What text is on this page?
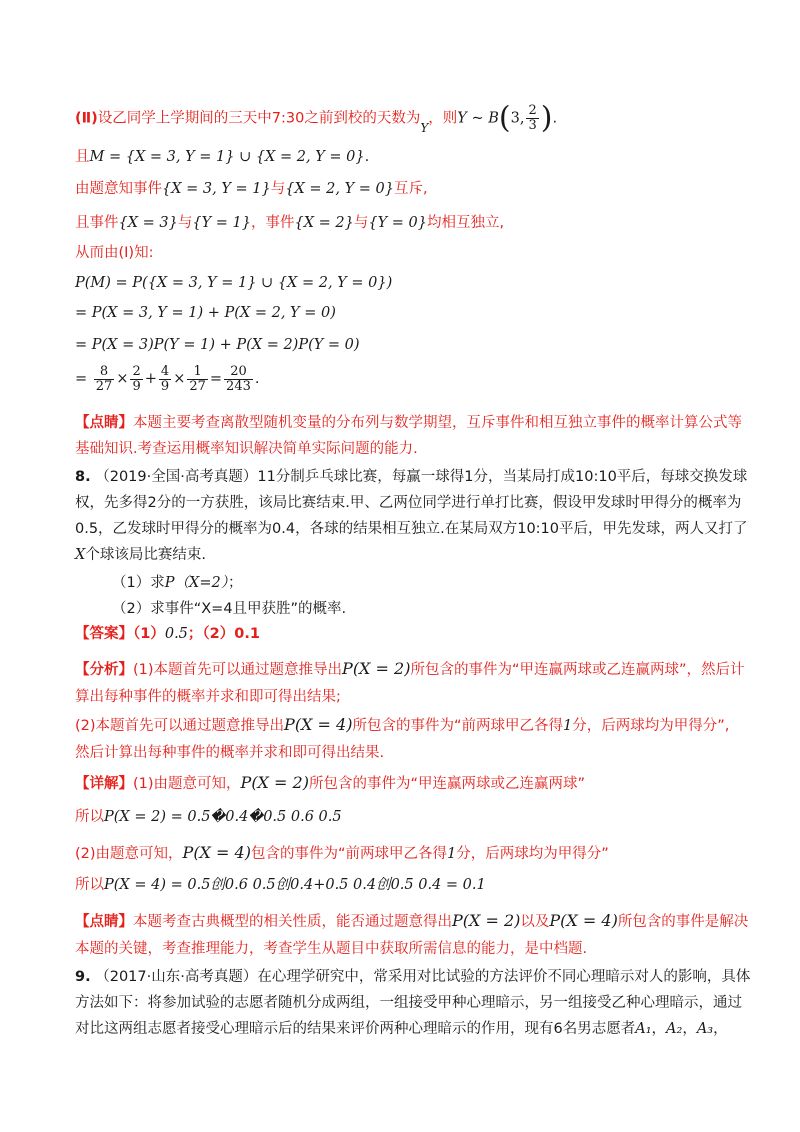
(Ⅱ)设乙同学上学期间的三天中7:30之前到校的天数为$_Y$，则Y ~ B(3, $\frac{2}{3}$ ).
且M = {X = 3, Y = 1} ∪ {X = 2, Y = 0}.
由题意知事件{X = 3, Y = 1}与{X = 2, Y = 0}互斥,
且事件{X = 3}与{Y = 1}，事件{X = 2}与{Y = 0}均相互独立,
从而由(Ⅰ)知:
P(M) = P({X = 3, Y = 1} ∪ {X = 2, Y = 0})
= P(X = 3, Y = 1) + P(X = 2, Y = 0)
= P(X = 3)P(Y = 1) + P(X = 2)P(Y = 0)
= $\frac{8}{27} \times \frac{2}{9} + \frac{4}{9} \times \frac{1}{27} = \frac{20}{243}$ .
【点睛】本题主要考查离散型随机变量的分布列与数学期望，互斥事件和相互独立事件的概率计算公式等
基础知识.考查运用概率知识解决简单实际问题的能力.
8. （2019·全国·高考真题）11分制乒乓球比赛，每赢一球得1分，当某局打成10:10平后，每球交换发球
权，先多得2分的一方获胜，该局比赛结束.甲、乙两位同学进行单打比赛，假设甲发球时甲得分的概率为
0.5，乙发球时甲得分的概率为0.4，各球的结果相互独立.在某局双方10:10平后，甲先发球，两人又打了
X个球该局比赛结束.
（1）求P（X=2）；
（2）求事件“X=4且甲获胜”的概率.
【答案】（1）0.5；（2）0.1
【分析】(1)本题首先可以通过题意推导出P(X = 2)所包含的事件为“甲连赢两球或乙连赢两球”，然后计
算出每种事件的概率并求和即可得出结果;
(2)本题首先可以通过题意推导出P(X = 4)所包含的事件为“前两球甲乙各得1分，后两球均为甲得分”,
然后计算出每种事件的概率并求和即可得出结果.
【详解】(1)由题意可知，P(X = 2)所包含的事件为“甲连赢两球或乙连赢两球”
所以P(X = 2) = 0.5�0.4�0.5 0.6 0.5
(2)由题意可知，P(X = 4)包含的事件为“前两球甲乙各得1分，后两球均为甲得分”
所以P(X = 4) = 0.5创0.6 0.5创0.4+0.5 0.4创0.5 0.4 = 0.1
【点睛】本题考查古典概型的相关性质，能否通过题意得出P(X = 2)以及P(X = 4)所包含的事件是解决
本题的关键，考查推理能力，考查学生从题目中获取所需信息的能力，是中档题.
9. （2017·山东·高考真题）在心理学研究中，常采用对比试验的方法评价不同心理暗示对人的影响，具体
方法如下：将参加试验的志愿者随机分成两组，一组接受甲种心理暗示，另一组接受乙种心理暗示，通过
对比这两组志愿者接受心理暗示后的结果来评价两种心理暗示的作用，现有6名男志愿者A₁，A₂，A₃，
